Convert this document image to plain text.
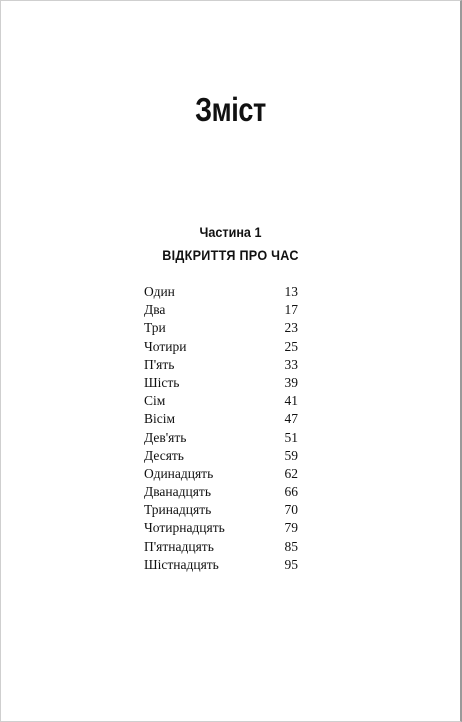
Зміст
Частина 1
ВІДКРИТТЯ ПРО ЧАС
Один	13
Два	17
Три	23
Чотири	25
П'ять	33
Шість	39
Сім	41
Вісім	47
Дев'ять	51
Десять	59
Одинадцять	62
Дванадцять	66
Тринадцять	70
Чотирнадцять	79
П'ятнадцять	85
Шістнадцять	95
